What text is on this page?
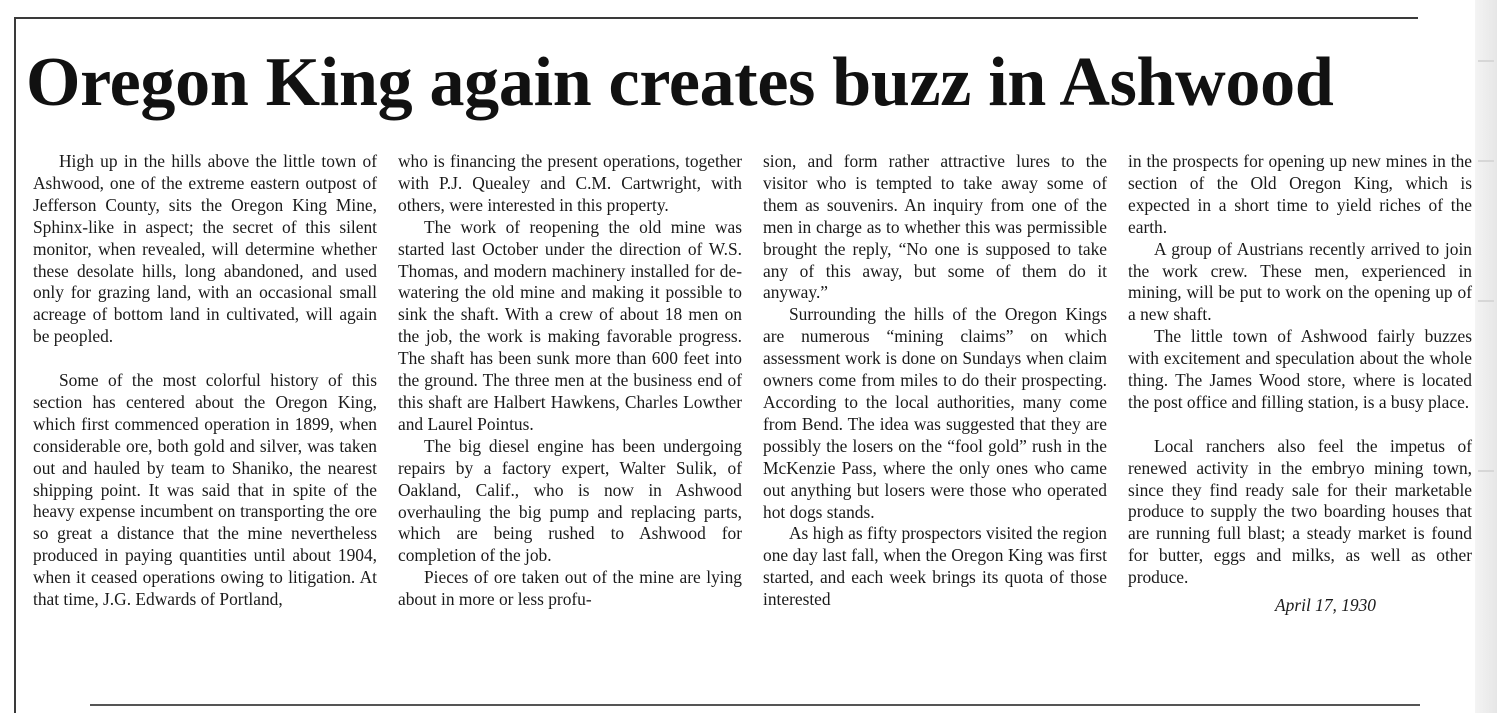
Oregon King again creates buzz in Ashwood

High up in the hills above the little town of Ashwood, one of the extreme eastern outpost of Jefferson County, sits the Oregon King Mine, Sphinx-like in aspect; the secret of this silent monitor, when revealed, will determine whether these desolate hills, long abandoned, and used only for grazing land, with an occasional small acreage of bottom land in cultivated, will again be peopled.

Some of the most colorful history of this section has centered about the Oregon King, which first commenced operation in 1899, when considerable ore, both gold and silver, was taken out and hauled by team to Shaniko, the nearest shipping point. It was said that in spite of the heavy expense incumbent on transporting the ore so great a distance that the mine nevertheless produced in paying quantities until about 1904, when it ceased operations owing to litigation. At that time, J.G. Edwards of Portland,

who is financing the present operations, together with P.J. Quealey and C.M. Cartwright, with others, were interested in this property.

The work of reopening the old mine was started last October under the direction of W.S. Thomas, and modern machinery installed for de-watering the old mine and making it possible to sink the shaft. With a crew of about 18 men on the job, the work is making favorable progress. The shaft has been sunk more than 600 feet into the ground. The three men at the business end of this shaft are Halbert Hawkens, Charles Lowther and Laurel Pointus.

The big diesel engine has been undergoing repairs by a factory expert, Walter Sulik, of Oakland, Calif., who is now in Ashwood overhauling the big pump and replacing parts, which are being rushed to Ashwood for completion of the job.

Pieces of ore taken out of the mine are lying about in more or less profu-

sion, and form rather attractive lures to the visitor who is tempted to take away some of them as souvenirs. An inquiry from one of the men in charge as to whether this was permissible brought the reply, “No one is supposed to take any of this away, but some of them do it anyway.”

Surrounding the hills of the Oregon Kings are numerous “mining claims” on which assessment work is done on Sundays when claim owners come from miles to do their prospecting. According to the local authorities, many come from Bend. The idea was suggested that they are possibly the losers on the “fool gold” rush in the McKenzie Pass, where the only ones who came out anything but losers were those who operated hot dogs stands.

As high as fifty prospectors visited the region one day last fall, when the Oregon King was first started, and each week brings its quota of those interested

in the prospects for opening up new mines in the section of the Old Oregon King, which is expected in a short time to yield riches of the earth.

A group of Austrians recently arrived to join the work crew. These men, experienced in mining, will be put to work on the opening up of a new shaft.

The little town of Ashwood fairly buzzes with excitement and speculation about the whole thing. The James Wood store, where is located the post office and filling station, is a busy place.

Local ranchers also feel the impetus of renewed activity in the embryo mining town, since they find ready sale for their marketable produce to supply the two boarding houses that are running full blast; a steady market is found for butter, eggs and milks, as well as other produce.

April 17, 1930
